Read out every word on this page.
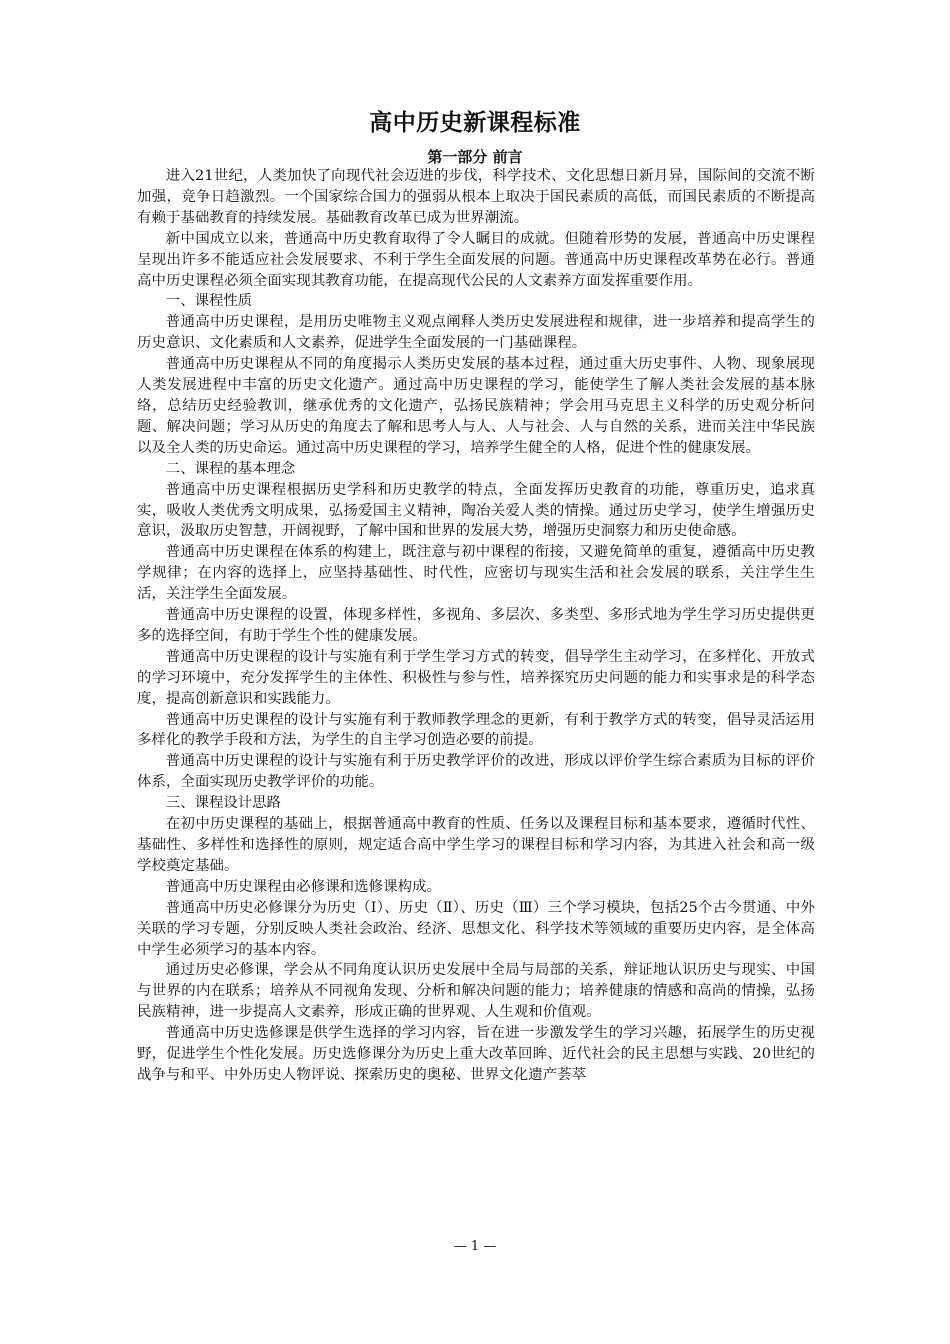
高中历史新课程标准
第一部分 前言

进入21世纪，人类加快了向现代社会迈进的步伐，科学技术、文化思想日新月异，国际间的交流不断加强，竞争日趋激烈。一个国家综合国力的强弱从根本上取决于国民素质的高低，而国民素质的不断提高有赖于基础教育的持续发展。基础教育改革已成为世界潮流。

新中国成立以来，普通高中历史教育取得了令人瞩目的成就。但随着形势的发展，普通高中历史课程呈现出许多不能适应社会发展要求、不利于学生全面发展的问题。普通高中历史课程改革势在必行。普通高中历史课程必须全面实现其教育功能，在提高现代公民的人文素养方面发挥重要作用。

一、课程性质

普通高中历史课程，是用历史唯物主义观点阐释人类历史发展进程和规律，进一步培养和提高学生的历史意识、文化素质和人文素养，促进学生全面发展的一门基础课程。

普通高中历史课程从不同的角度揭示人类历史发展的基本过程，通过重大历史事件、人物、现象展现人类发展进程中丰富的历史文化遗产。通过高中历史课程的学习，能使学生了解人类社会发展的基本脉络，总结历史经验教训，继承优秀的文化遗产，弘扬民族精神；学会用马克思主义科学的历史观分析问题、解决问题；学习从历史的角度去了解和思考人与人、人与社会、人与自然的关系，进而关注中华民族以及全人类的历史命运。通过高中历史课程的学习，培养学生健全的人格，促进个性的健康发展。

二、课程的基本理念

普通高中历史课程根据历史学科和历史教学的特点，全面发挥历史教育的功能，尊重历史，追求真实，吸收人类优秀文明成果，弘扬爱国主义精神，陶冶关爱人类的情操。通过历史学习，使学生增强历史意识，汲取历史智慧，开阔视野，了解中国和世界的发展大势，增强历史洞察力和历史使命感。

普通高中历史课程在体系的构建上，既注意与初中课程的衔接，又避免简单的重复，遵循高中历史教学规律；在内容的选择上，应坚持基础性、时代性，应密切与现实生活和社会发展的联系，关注学生生活，关注学生全面发展。

普通高中历史课程的设置，体现多样性，多视角、多层次、多类型、多形式地为学生学习历史提供更多的选择空间，有助于学生个性的健康发展。

普通高中历史课程的设计与实施有利于学生学习方式的转变，倡导学生主动学习，在多样化、开放式的学习环境中，充分发挥学生的主体性、积极性与参与性，培养探究历史问题的能力和实事求是的科学态度，提高创新意识和实践能力。

普通高中历史课程的设计与实施有利于教师教学理念的更新，有利于教学方式的转变，倡导灵活运用多样化的教学手段和方法，为学生的自主学习创造必要的前提。

普通高中历史课程的设计与实施有利于历史教学评价的改进，形成以评价学生综合素质为目标的评价体系，全面实现历史教学评价的功能。

三、课程设计思路

在初中历史课程的基础上，根据普通高中教育的性质、任务以及课程目标和基本要求，遵循时代性、基础性、多样性和选择性的原则，规定适合高中学生学习的课程目标和学习内容，为其进入社会和高一级学校奠定基础。

普通高中历史课程由必修课和选修课构成。

普通高中历史必修课分为历史（Ⅰ）、历史（Ⅱ）、历史（Ⅲ）三个学习模块，包括25个古今贯通、中外关联的学习专题，分别反映人类社会政治、经济、思想文化、科学技术等领域的重要历史内容，是全体高中学生必须学习的基本内容。

通过历史必修课，学会从不同角度认识历史发展中全局与局部的关系，辩证地认识历史与现实、中国与世界的内在联系；培养从不同视角发现、分析和解决问题的能力；培养健康的情感和高尚的情操，弘扬民族精神，进一步提高人文素养，形成正确的世界观、人生观和价值观。

普通高中历史选修课是供学生选择的学习内容，旨在进一步激发学生的学习兴趣，拓展学生的历史视野，促进学生个性化发展。历史选修课分为历史上重大改革回眸、近代社会的民主思想与实践、20世纪的战争与和平、中外历史人物评说、探索历史的奥秘、世界文化遗产荟萃

— 1 —
